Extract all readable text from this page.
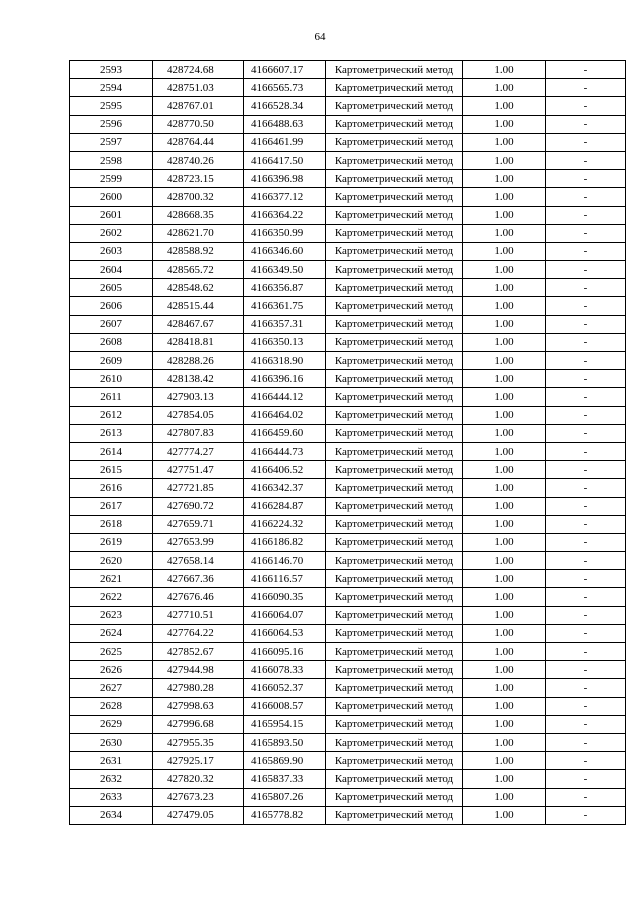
64
2593	428724.68	4166607.17	Картометрический метод	1.00	-
2594	428751.03	4166565.73	Картометрический метод	1.00	-
2595	428767.01	4166528.34	Картометрический метод	1.00	-
2596	428770.50	4166488.63	Картометрический метод	1.00	-
2597	428764.44	4166461.99	Картометрический метод	1.00	-
2598	428740.26	4166417.50	Картометрический метод	1.00	-
2599	428723.15	4166396.98	Картометрический метод	1.00	-
2600	428700.32	4166377.12	Картометрический метод	1.00	-
2601	428668.35	4166364.22	Картометрический метод	1.00	-
2602	428621.70	4166350.99	Картометрический метод	1.00	-
2603	428588.92	4166346.60	Картометрический метод	1.00	-
2604	428565.72	4166349.50	Картометрический метод	1.00	-
2605	428548.62	4166356.87	Картометрический метод	1.00	-
2606	428515.44	4166361.75	Картометрический метод	1.00	-
2607	428467.67	4166357.31	Картометрический метод	1.00	-
2608	428418.81	4166350.13	Картометрический метод	1.00	-
2609	428288.26	4166318.90	Картометрический метод	1.00	-
2610	428138.42	4166396.16	Картометрический метод	1.00	-
2611	427903.13	4166444.12	Картометрический метод	1.00	-
2612	427854.05	4166464.02	Картометрический метод	1.00	-
2613	427807.83	4166459.60	Картометрический метод	1.00	-
2614	427774.27	4166444.73	Картометрический метод	1.00	-
2615	427751.47	4166406.52	Картометрический метод	1.00	-
2616	427721.85	4166342.37	Картометрический метод	1.00	-
2617	427690.72	4166284.87	Картометрический метод	1.00	-
2618	427659.71	4166224.32	Картометрический метод	1.00	-
2619	427653.99	4166186.82	Картометрический метод	1.00	-
2620	427658.14	4166146.70	Картометрический метод	1.00	-
2621	427667.36	4166116.57	Картометрический метод	1.00	-
2622	427676.46	4166090.35	Картометрический метод	1.00	-
2623	427710.51	4166064.07	Картометрический метод	1.00	-
2624	427764.22	4166064.53	Картометрический метод	1.00	-
2625	427852.67	4166095.16	Картометрический метод	1.00	-
2626	427944.98	4166078.33	Картометрический метод	1.00	-
2627	427980.28	4166052.37	Картометрический метод	1.00	-
2628	427998.63	4166008.57	Картометрический метод	1.00	-
2629	427996.68	4165954.15	Картометрический метод	1.00	-
2630	427955.35	4165893.50	Картометрический метод	1.00	-
2631	427925.17	4165869.90	Картометрический метод	1.00	-
2632	427820.32	4165837.33	Картометрический метод	1.00	-
2633	427673.23	4165807.26	Картометрический метод	1.00	-
2634	427479.05	4165778.82	Картометрический метод	1.00	-
